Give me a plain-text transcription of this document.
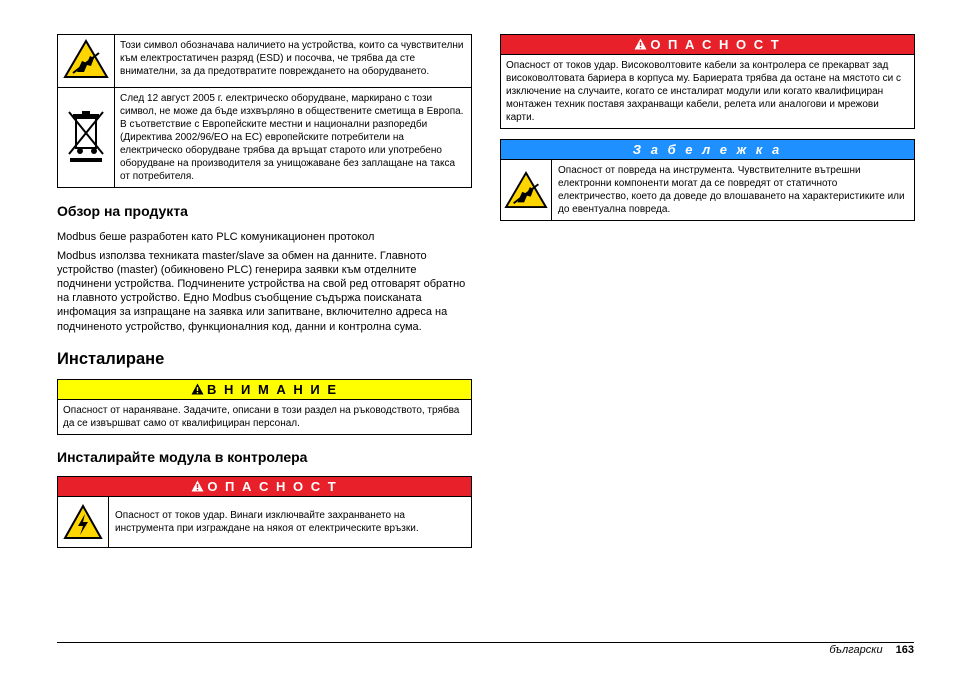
	Този символ обозначава наличието на устройства, които са чувствителни към електростатичен разряд (ESD) и посочва, че трябва да сте внимателни, за да предотвратите повреждането на оборудването.
	След 12 август 2005 г. електрическо оборудване, маркирано с този символ, не може да бъде изхвърляно в обществените сметища в Европа. В съответствие с Европейските местни и национални разпоредби (Директива 2002/96/EO на EC) европейските потребители на електрическо оборудване трябва да връщат старото или употребено оборудване на производителя за унищожаване без заплащане на такса от потребителя.
Обзор на продукта

Modbus беше разработен като PLC комуникационен протокол

Modbus използва техниката master/slave за обмен на данните. Главното устройство (master) (обикновено PLC) генерира заявки към отделните подчинени устройства. Подчинените устройства на свой ред отговарят обратно на главното устройство. Едно Modbus съобщение съдържа поисканата инфомация за изпращане на заявка или запитване, включително адреса на подчиненото устройство, функционалния код, данни и контролна сума.

Инсталиране
В Н И М А Н И Е
Опасност от нараняване. Задачите, описани в този раздел на ръководството, трябва да се извършват само от квалифициран персонал.
Инсталирайте модула в контролера
О П А С Н О С Т
Опасност от токов удар. Винаги изключвайте захранването на инструмента при изграждане на някоя от електрическите връзки.
О П А С Н О С Т
Опасност от токов удар. Високоволтовите кабели за контролера се прекарват зад високоволтовата бариера в корпуса му. Бариерата трябва да остане на мястото си с изключение на случаите, когато се инсталират модули или когато квалифициран монтажен техник поставя захранващи кабели, релета или аналогови и мрежови карти.
З а б е л е ж к а
Опасност от повреда на инструмента. Чувствителните вътрешни електронни компоненти могат да се повредят от статичното електричество, което да доведе до влошаването на характеристиките или до евентуална повреда.
български 163
